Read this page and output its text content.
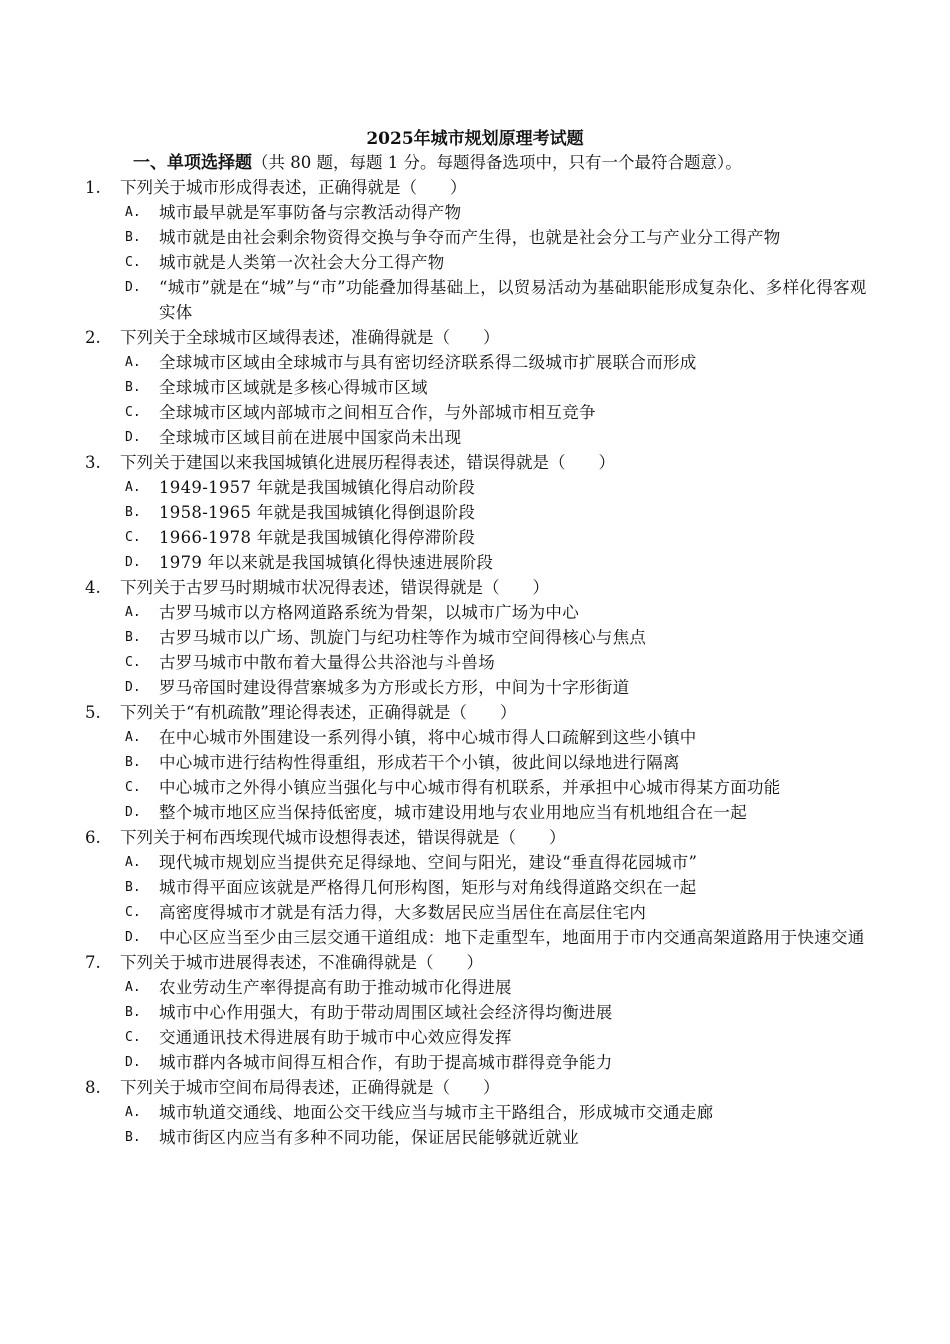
2025年城市规划原理考试题
一、单项选择题（共 80 题，每题 1 分。每题得备选项中，只有一个最符合题意）。
1. 下列关于城市形成得表述，正确得就是（　　）
A. 城市最早就是军事防备与宗教活动得产物
B. 城市就是由社会剩余物资得交换与争夺而产生得，也就是社会分工与产业分工得产物
C. 城市就是人类第一次社会大分工得产物
D. “城市”就是在“城”与“市”功能叠加得基础上，以贸易活动为基础职能形成复杂化、多样化得客观实体
2. 下列关于全球城市区域得表述，准确得就是（　　）
A. 全球城市区域由全球城市与具有密切经济联系得二级城市扩展联合而形成
B. 全球城市区域就是多核心得城市区域
C. 全球城市区域内部城市之间相互合作，与外部城市相互竞争
D. 全球城市区域目前在进展中国家尚未出现
3. 下列关于建国以来我国城镇化进展历程得表述，错误得就是（　　）
A. 1949-1957 年就是我国城镇化得启动阶段
B. 1958-1965 年就是我国城镇化得倒退阶段
C. 1966-1978 年就是我国城镇化得停滞阶段
D. 1979 年以来就是我国城镇化得快速进展阶段
4. 下列关于古罗马时期城市状况得表述，错误得就是（　　）
A. 古罗马城市以方格网道路系统为骨架，以城市广场为中心
B. 古罗马城市以广场、凯旋门与纪功柱等作为城市空间得核心与焦点
C. 古罗马城市中散布着大量得公共浴池与斗兽场
D. 罗马帝国时建设得营寨城多为方形或长方形，中间为十字形街道
5. 下列关于“有机疏散”理论得表述，正确得就是（　　）
A. 在中心城市外围建设一系列得小镇，将中心城市得人口疏解到这些小镇中
B. 中心城市进行结构性得重组，形成若干个小镇，彼此间以绿地进行隔离
C. 中心城市之外得小镇应当强化与中心城市得有机联系，并承担中心城市得某方面功能
D. 整个城市地区应当保持低密度，城市建设用地与农业用地应当有机地组合在一起
6. 下列关于柯布西埃现代城市设想得表述，错误得就是（　　）
A. 现代城市规划应当提供充足得绿地、空间与阳光，建设“垂直得花园城市”
B. 城市得平面应该就是严格得几何形构图，矩形与对角线得道路交织在一起
C. 高密度得城市才就是有活力得，大多数居民应当居住在高层住宅内
D. 中心区应当至少由三层交通干道组成：地下走重型车，地面用于市内交通高架道路用于快速交通
7. 下列关于城市进展得表述，不准确得就是（　　）
A. 农业劳动生产率得提高有助于推动城市化得进展
B. 城市中心作用强大，有助于带动周围区域社会经济得均衡进展
C. 交通通讯技术得进展有助于城市中心效应得发挥
D. 城市群内各城市间得互相合作，有助于提高城市群得竞争能力
8. 下列关于城市空间布局得表述，正确得就是（　　）
A. 城市轨道交通线、地面公交干线应当与城市主干路组合，形成城市交通走廊
B. 城市街区内应当有多种不同功能，保证居民能够就近就业
